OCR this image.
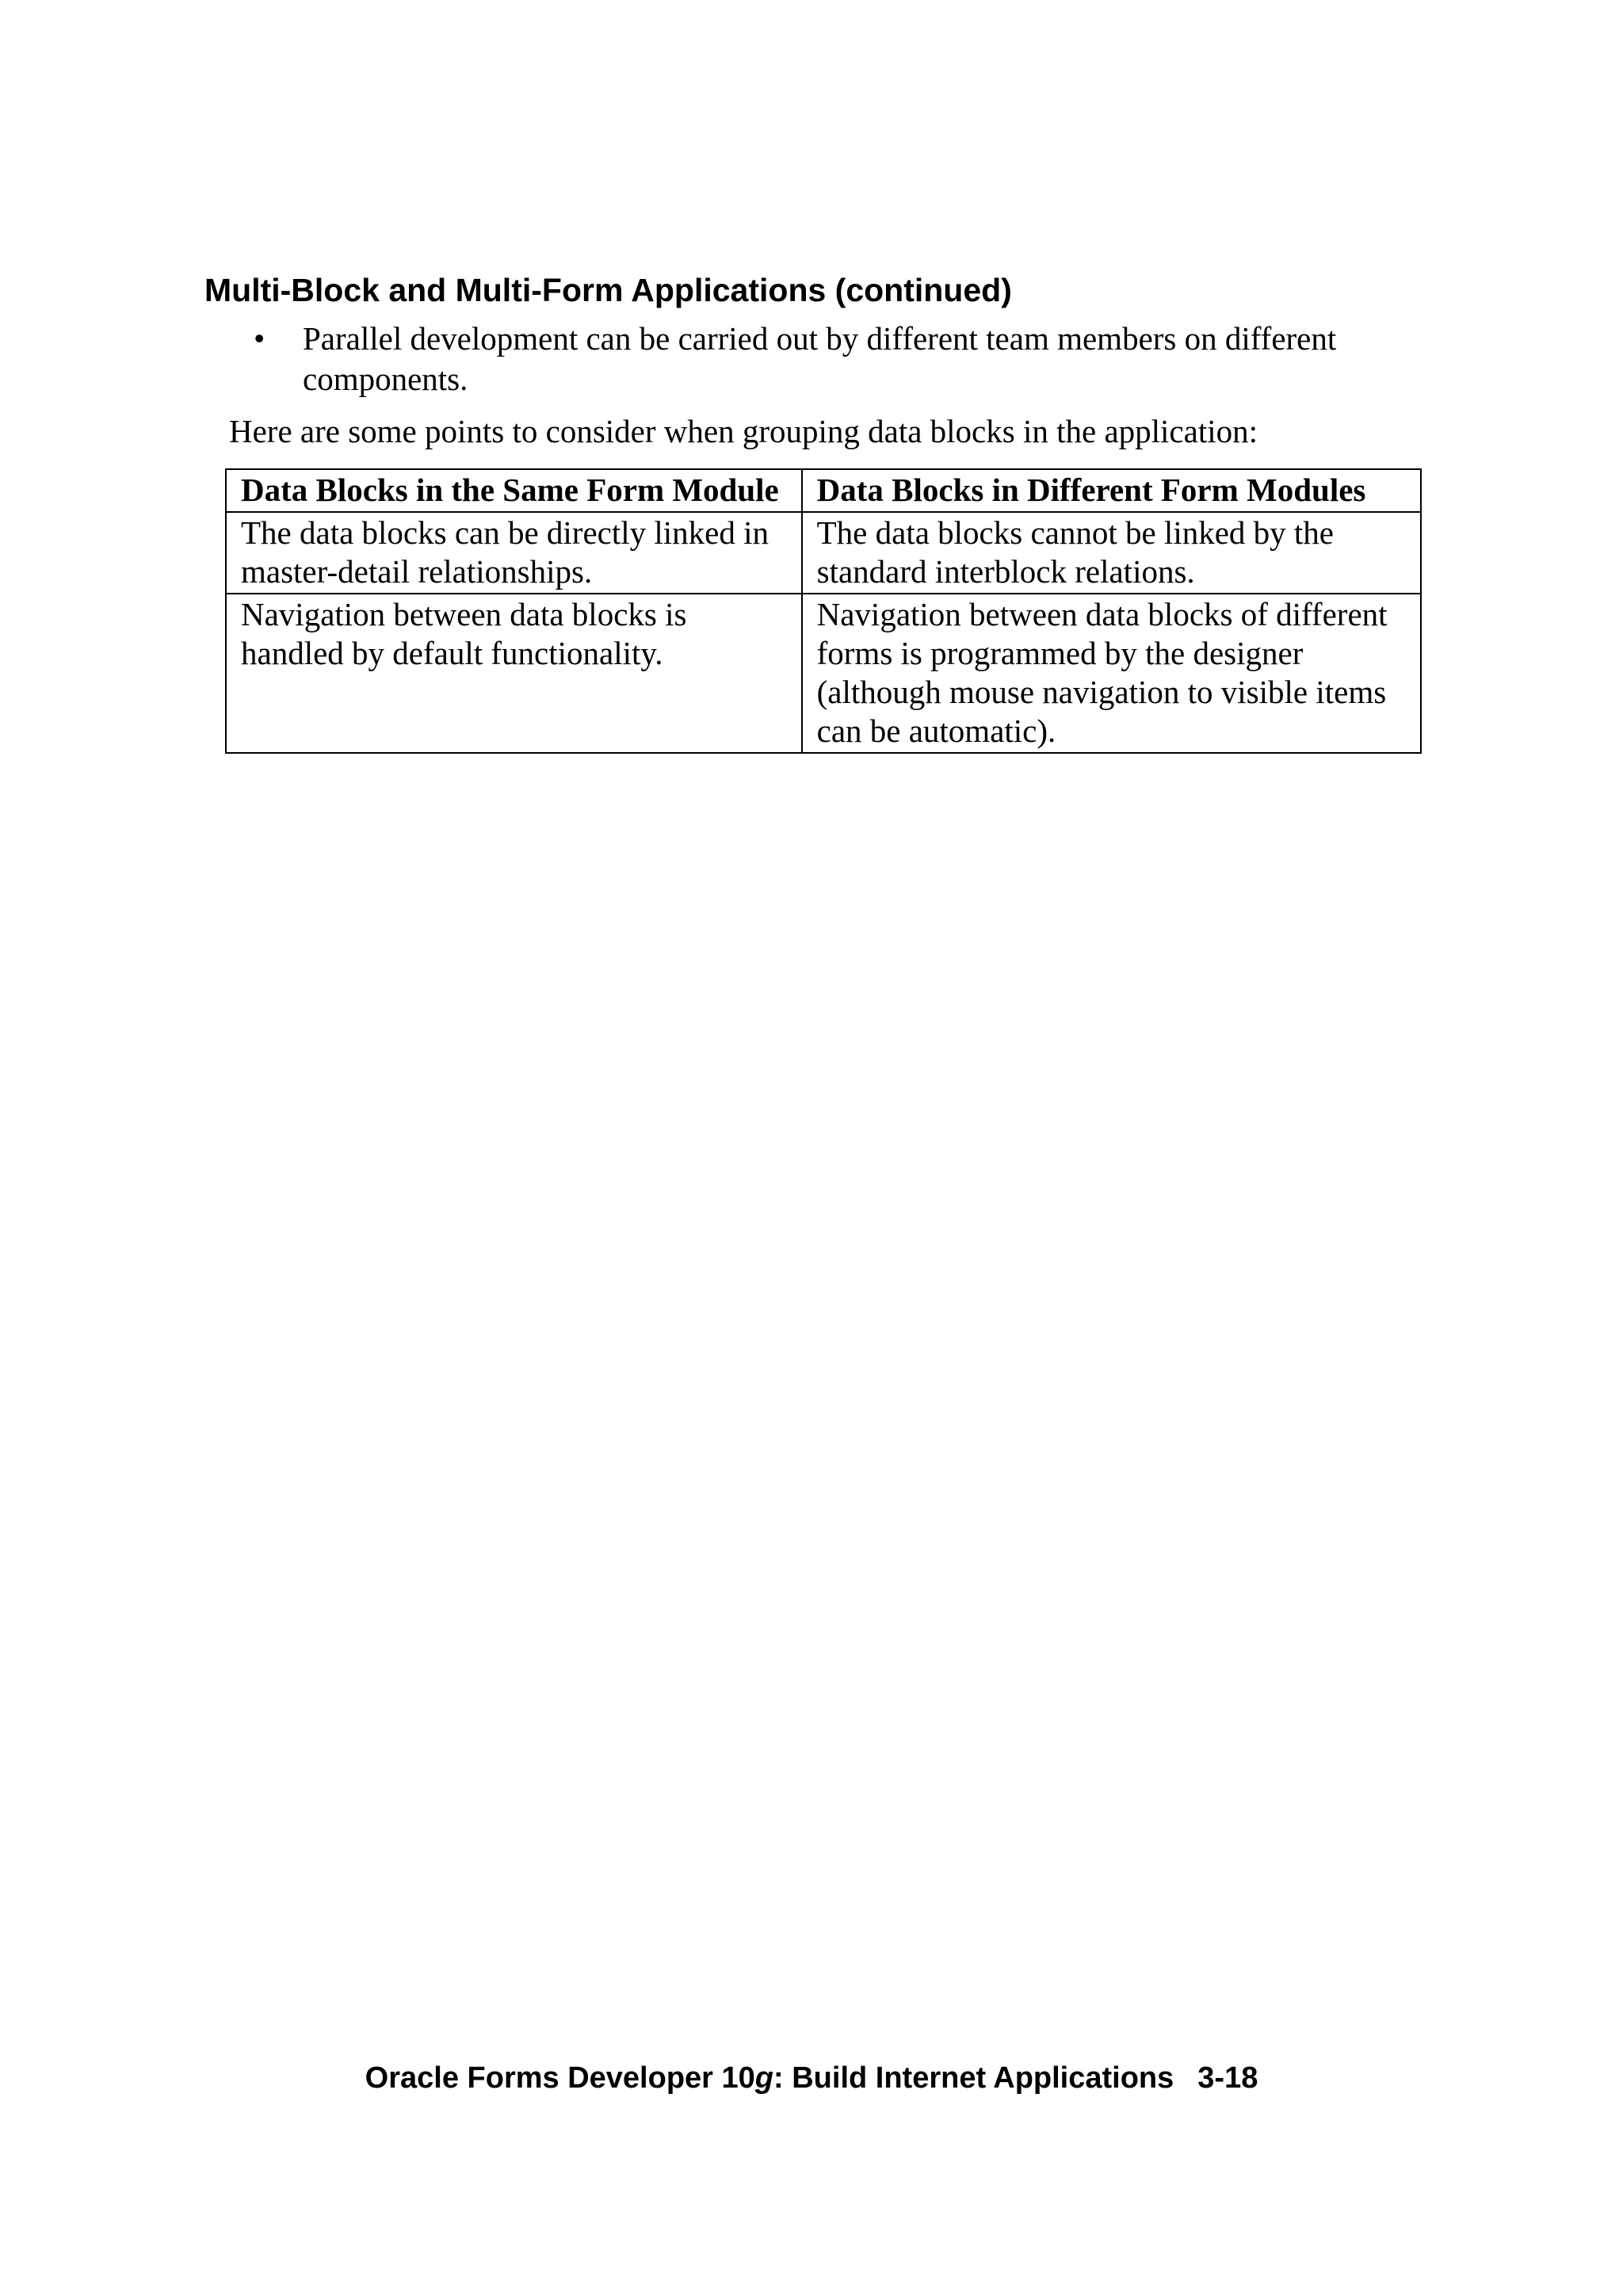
Multi-Block and Multi-Form Applications (continued)
• Parallel development can be carried out by different team members on different components.

Here are some points to consider when grouping data blocks in the application:

Data Blocks in the Same Form Module	Data Blocks in Different Form Modules
The data blocks can be directly linked in master-detail relationships.	The data blocks cannot be linked by the standard interblock relations.
Navigation between data blocks is handled by default functionality.	Navigation between data blocks of different forms is programmed by the designer (although mouse navigation to visible items can be automatic).

Oracle Forms Developer 10g: Build Internet Applications 3-18
